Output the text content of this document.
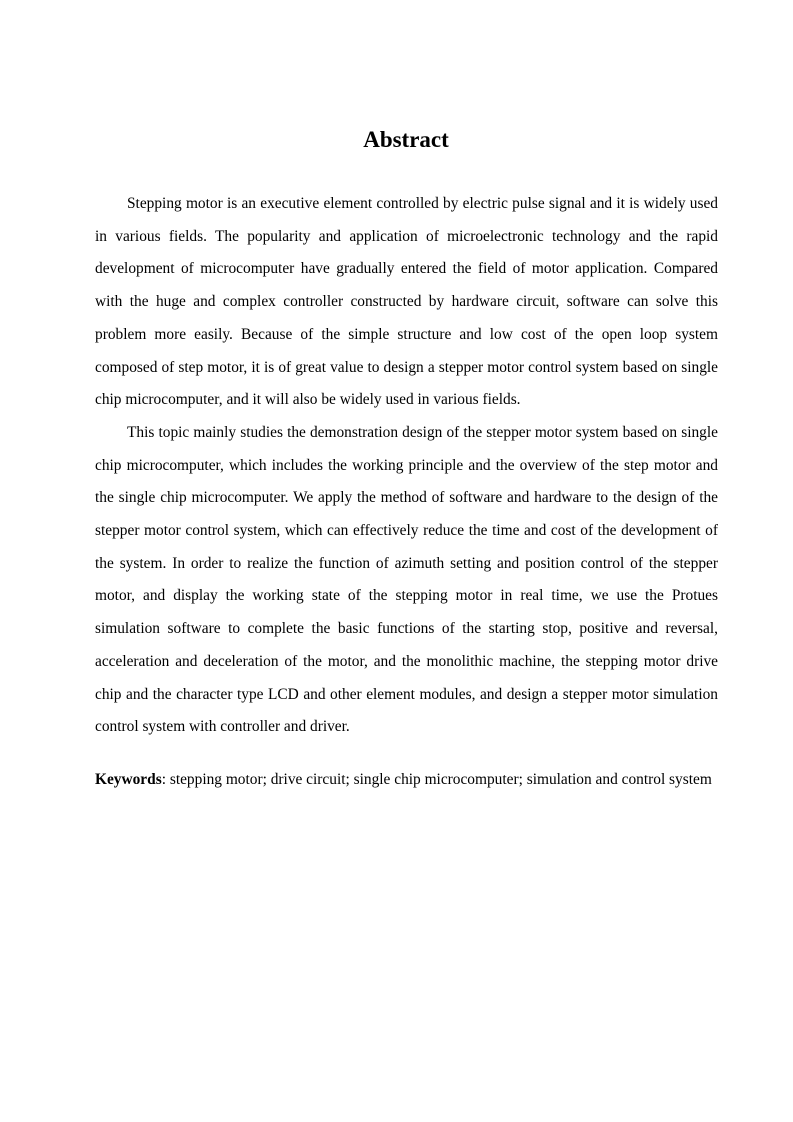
Abstract

Stepping motor is an executive element controlled by electric pulse signal and it is widely used in various fields. The popularity and application of microelectronic technology and the rapid development of microcomputer have gradually entered the field of motor application. Compared with the huge and complex controller constructed by hardware circuit, software can solve this problem more easily. Because of the simple structure and low cost of the open loop system composed of step motor, it is of great value to design a stepper motor control system based on single chip microcomputer, and it will also be widely used in various fields.

This topic mainly studies the demonstration design of the stepper motor system based on single chip microcomputer, which includes the working principle and the overview of the step motor and the single chip microcomputer. We apply the method of software and hardware to the design of the stepper motor control system, which can effectively reduce the time and cost of the development of the system. In order to realize the function of azimuth setting and position control of the stepper motor, and display the working state of the stepping motor in real time, we use the Protues simulation software to complete the basic functions of the starting stop, positive and reversal, acceleration and deceleration of the motor, and the monolithic machine, the stepping motor drive chip and the character type LCD and other element modules, and design a stepper motor simulation control system with controller and driver.

Keywords: stepping motor; drive circuit; single chip microcomputer; simulation and control system
